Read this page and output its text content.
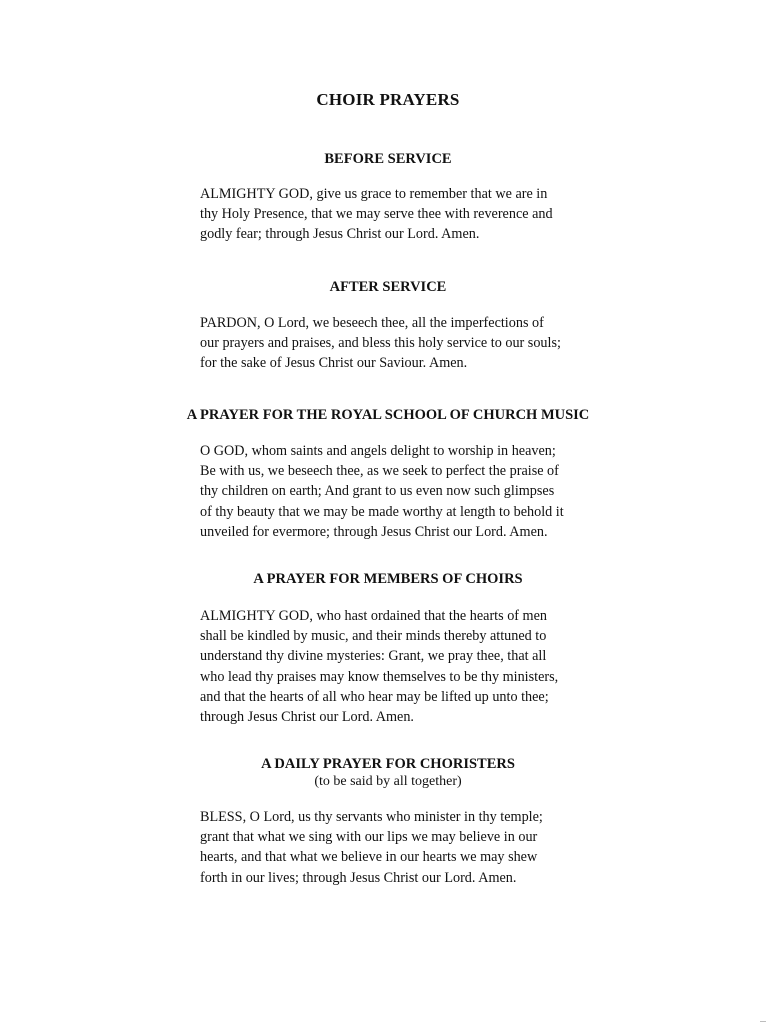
CHOIR PRAYERS
BEFORE SERVICE
ALMIGHTY GOD, give us grace to remember that we are in
thy Holy Presence, that we may serve thee with reverence and
godly fear; through Jesus Christ our Lord. Amen.
AFTER SERVICE
PARDON, O Lord, we beseech thee, all the imperfections of
our prayers and praises, and bless this holy service to our souls;
for the sake of Jesus Christ our Saviour. Amen.
A PRAYER FOR THE ROYAL SCHOOL OF CHURCH MUSIC
O GOD, whom saints and angels delight to worship in heaven;
Be with us, we beseech thee, as we seek to perfect the praise of
thy children on earth; And grant to us even now such glimpses
of thy beauty that we may be made worthy at length to behold it
unveiled for evermore; through Jesus Christ our Lord. Amen.
A PRAYER FOR MEMBERS OF CHOIRS
ALMIGHTY GOD, who hast ordained that the hearts of men
shall be kindled by music, and their minds thereby attuned to
understand thy divine mysteries: Grant, we pray thee, that all
who lead thy praises may know themselves to be thy ministers,
and that the hearts of all who hear may be lifted up unto thee;
through Jesus Christ our Lord. Amen.
A DAILY PRAYER FOR CHORISTERS
(to be said by all together)
BLESS, O Lord, us thy servants who minister in thy temple;
grant that what we sing with our lips we may believe in our
hearts, and that what we believe in our hearts we may shew
forth in our lives; through Jesus Christ our Lord. Amen.
